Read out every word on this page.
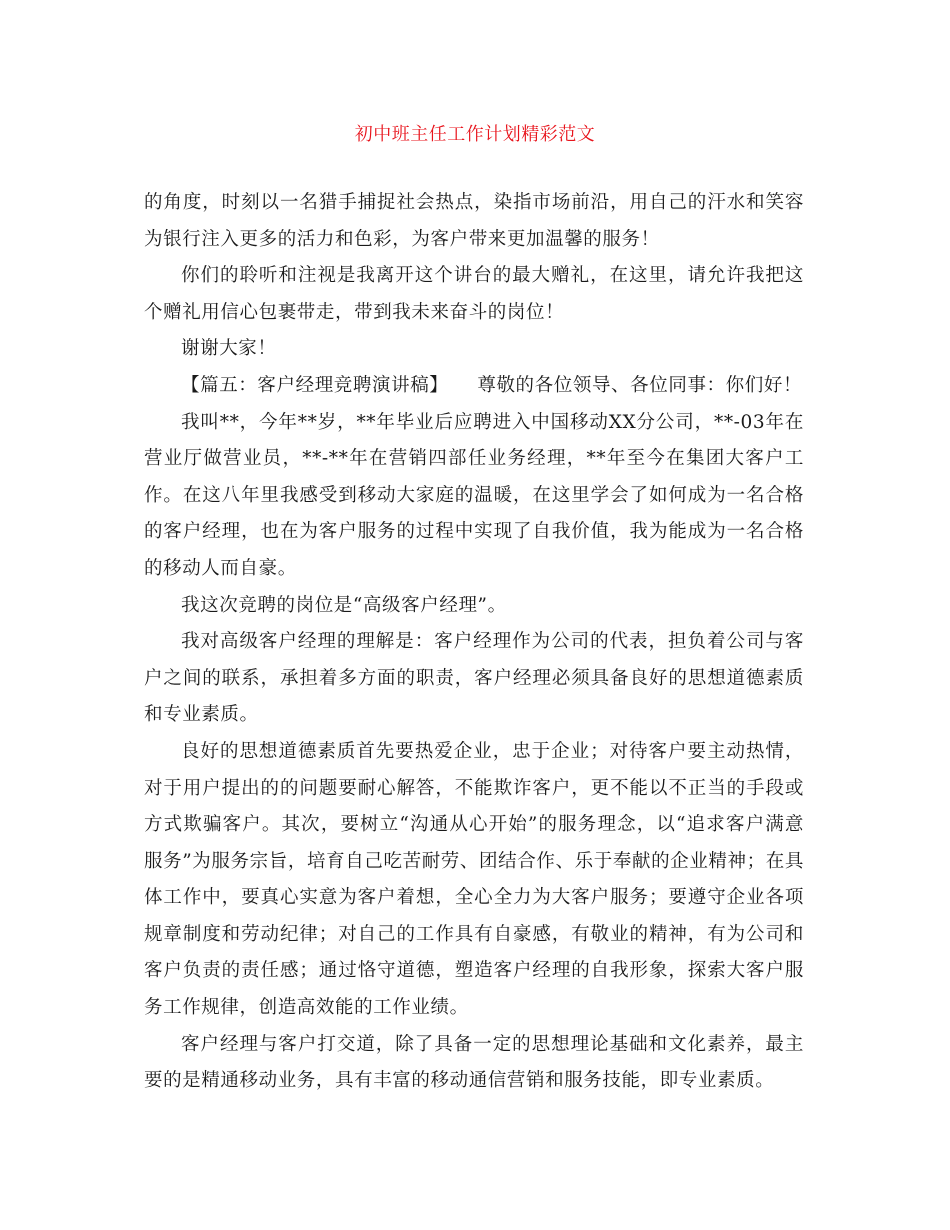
初中班主任工作计划精彩范文

的角度，时刻以一名猎手捕捉社会热点，染指市场前沿，用自己的汗水和笑容为银行注入更多的活力和色彩，为客户带来更加温馨的服务！

你们的聆听和注视是我离开这个讲台的最大赠礼，在这里，请允许我把这个赠礼用信心包裹带走，带到我未来奋斗的岗位！

谢谢大家！

【篇五：客户经理竞聘演讲稿】　　尊敬的各位领导、各位同事：你们好！

我叫**，今年**岁，**年毕业后应聘进入中国移动XX分公司，**-03年在营业厅做营业员，**-**年在营销四部任业务经理，**年至今在集团大客户工作。在这八年里我感受到移动大家庭的温暖，在这里学会了如何成为一名合格的客户经理，也在为客户服务的过程中实现了自我价值，我为能成为一名合格的移动人而自豪。

我这次竞聘的岗位是“高级客户经理”。

我对高级客户经理的理解是：客户经理作为公司的代表，担负着公司与客户之间的联系，承担着多方面的职责，客户经理必须具备良好的思想道德素质和专业素质。

良好的思想道德素质首先要热爱企业，忠于企业；对待客户要主动热情，对于用户提出的的问题要耐心解答，不能欺诈客户，更不能以不正当的手段或方式欺骗客户。其次，要树立“沟通从心开始”的服务理念，以“追求客户满意服务”为服务宗旨，培育自己吃苦耐劳、团结合作、乐于奉献的企业精神；在具体工作中，要真心实意为客户着想，全心全力为大客户服务；要遵守企业各项规章制度和劳动纪律；对自己的工作具有自豪感，有敬业的精神，有为公司和客户负责的责任感；通过恪守道德，塑造客户经理的自我形象，探索大客户服务工作规律，创造高效能的工作业绩。

客户经理与客户打交道，除了具备一定的思想理论基础和文化素养，最主要的是精通移动业务，具有丰富的移动通信营销和服务技能，即专业素质。
